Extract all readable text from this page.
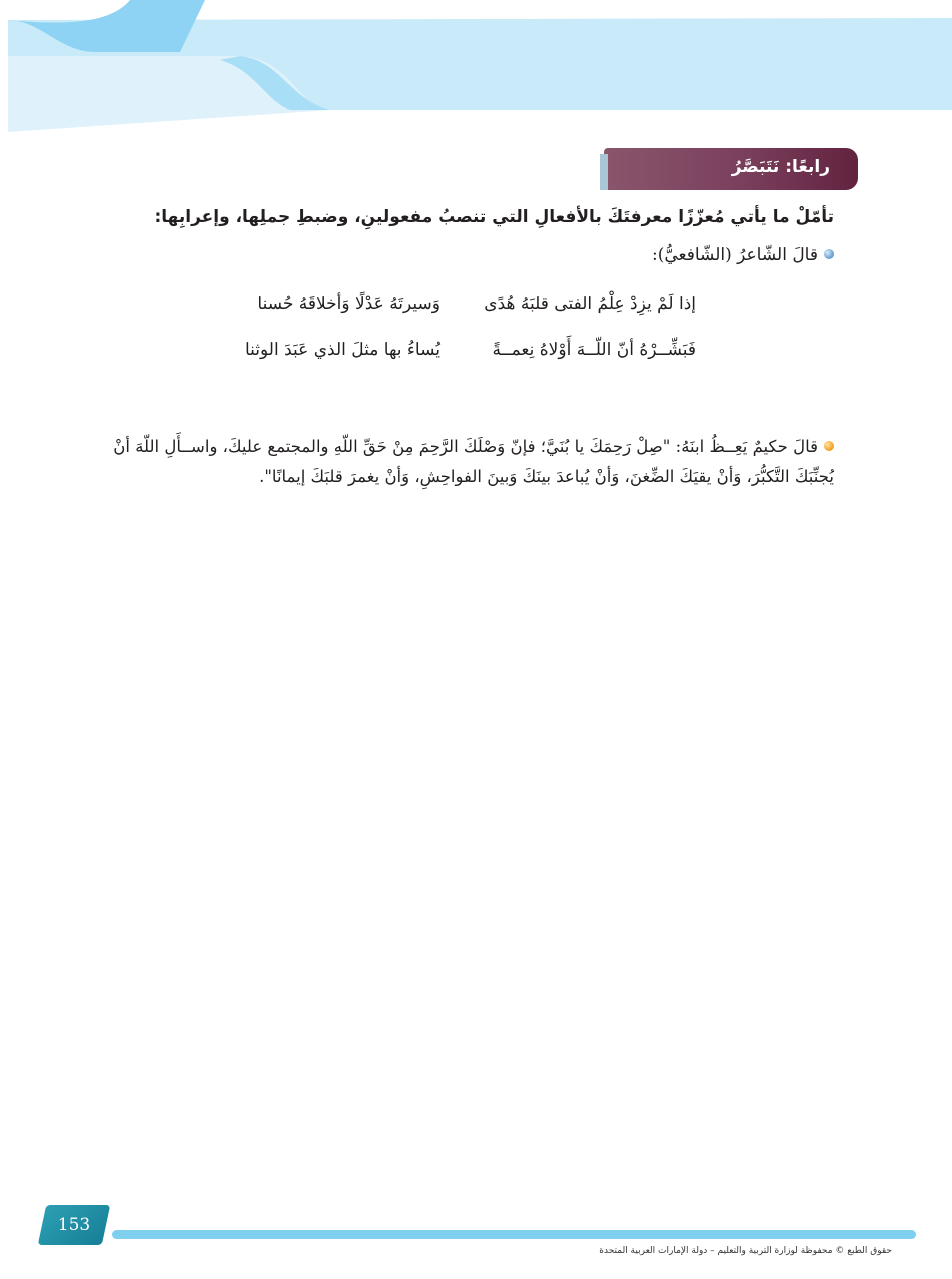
رابعًا: نَتَبَصَّرُ
تأمّلْ ما يأتي مُعزّزًا معرفتَكَ بالأفعالِ التي تنصبُ مفعولينِ، وضبطِ جملِها، وإعرابِها:
قالَ الشّاعرُ (الشّافعيُّ):
إذا لَمْ يزِدْ عِلْمُ الفتى قلبَهُ هُدًى
وَسيرتَهُ عَدْلًا وَأخلاقَهُ حُسنا
فَبَشِّــرْهُ أنّ اللّــهَ أَوْلاهُ نِعمــةً
يُساءُ بها مثلَ الذي عَبَدَ الوثنا
قالَ حكيمٌ يَعِــظُ ابنَهُ: "صِلْ رَحِمَكَ يا بُنَيَّ؛ فإنّ وَصْلَكَ الرَّحِمَ مِنْ حَقِّ اللّهِ والمجتمع عليكَ، واســأَلِ اللّهَ أنْ يُجنِّبَكَ التَّكبُّرَ، وَأنْ يقيَكَ الضِّغنَ، وَأنْ يُباعدَ بينَكَ وَبينَ الفواحِشِ، وَأنْ يغمرَ قلبَكَ إيمانًا".
153
حقوق الطبع © محفوظة لوزارة التربية والتعليم – دولة الإمارات العربية المتحدة
